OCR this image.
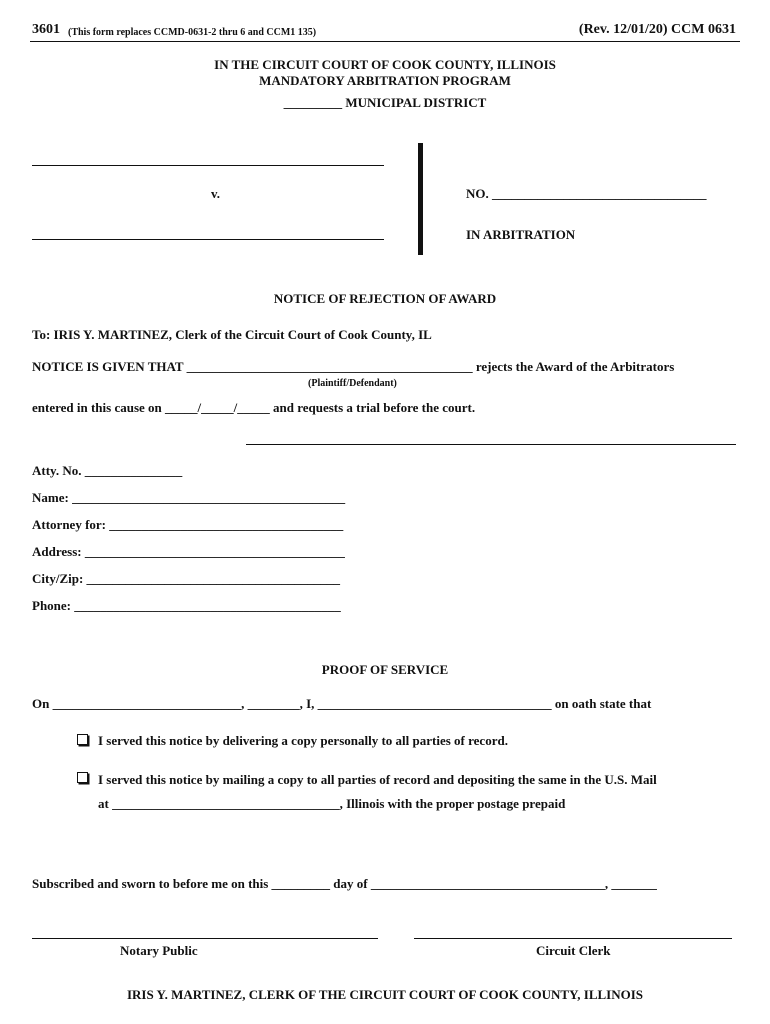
3601 (This form replaces CCMD-0631-2 thru 6 and CCM1 135)	(Rev. 12/01/20) CCM 0631
IN THE CIRCUIT COURT OF COOK COUNTY, ILLINOIS
MANDATORY ARBITRATION PROGRAM
_________ MUNICIPAL DISTRICT
v.	NO. _________________________________
IN ARBITRATION
NOTICE OF REJECTION OF AWARD
To: IRIS Y. MARTINEZ, Clerk of the Circuit Court of Cook County, IL
NOTICE IS GIVEN THAT ____________________________________________ rejects the Award of the Arbitrators
(Plaintiff/Defendant)
entered in this cause on _____/_____/_____ and requests a trial before the court.
Atty. No. _______________
Name: __________________________________________
Attorney for: ____________________________________
Address: ________________________________________
City/Zip: _______________________________________
Phone: _________________________________________
PROOF OF SERVICE
On _____________________________, ________, I, ____________________________________ on oath state that
I served this notice by delivering a copy personally to all parties of record.
I served this notice by mailing a copy to all parties of record and depositing the same in the U.S. Mail
at ___________________________________, Illinois with the proper postage prepaid
Subscribed and sworn to before me on this _________ day of ____________________________________, _______
Notary Public	Circuit Clerk
IRIS Y. MARTINEZ, CLERK OF THE CIRCUIT COURT OF COOK COUNTY, ILLINOIS
